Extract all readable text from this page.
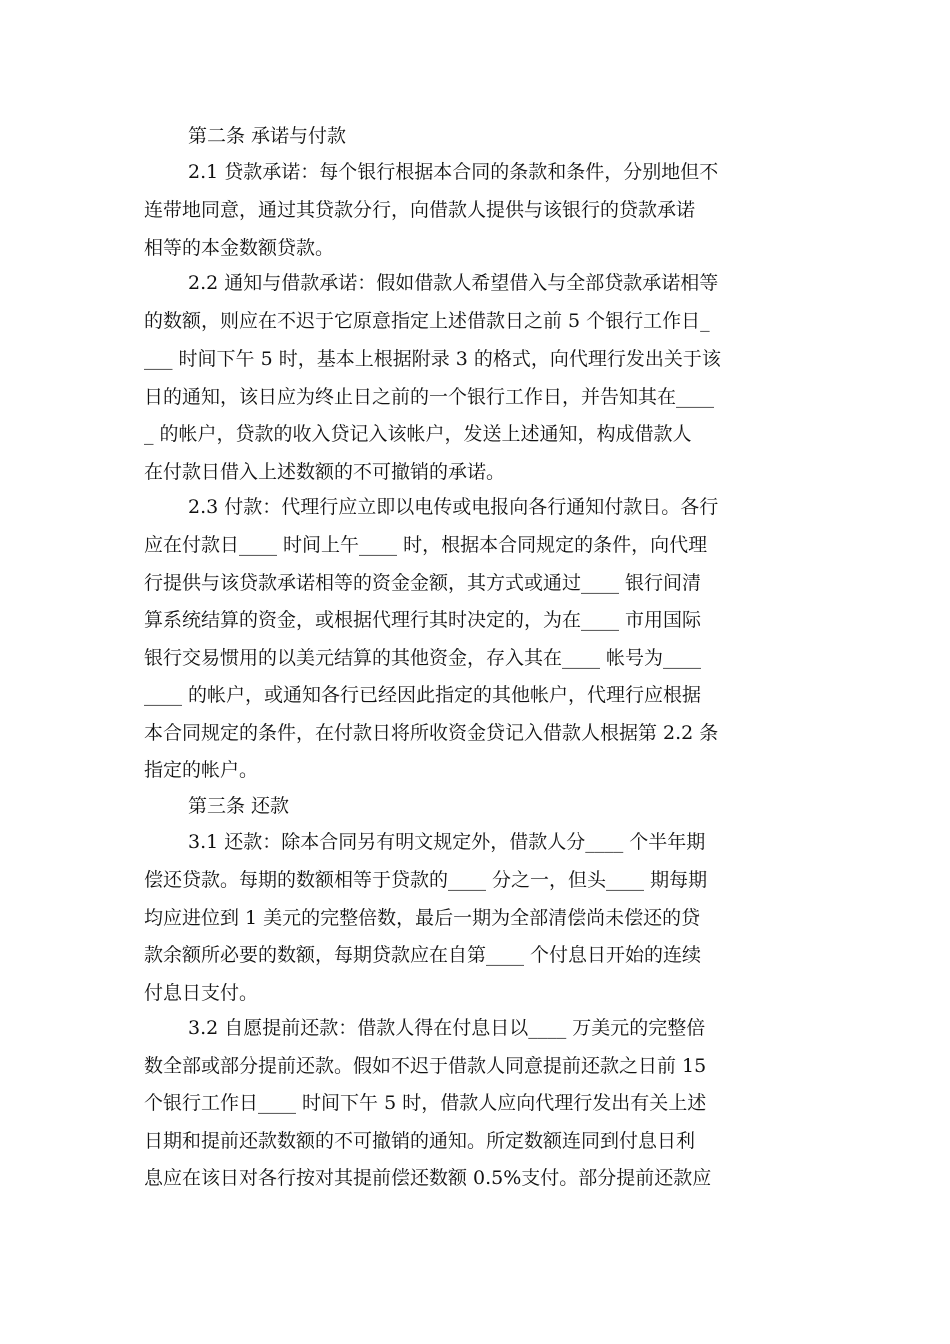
第二条 承诺与付款
2.1 贷款承诺：每个银行根据本合同的条款和条件，分别地但不
连带地同意，通过其贷款分行，向借款人提供与该银行的贷款承诺
相等的本金数额贷款。
2.2 通知与借款承诺：假如借款人希望借入与全部贷款承诺相等
的数额，则应在不迟于它原意指定上述借款日之前 5 个银行工作日_
___ 时间下午 5 时，基本上根据附录 3 的格式，向代理行发出关于该
日的通知，该日应为终止日之前的一个银行工作日，并告知其在____
_ 的帐户，贷款的收入贷记入该帐户，发送上述通知，构成借款人
在付款日借入上述数额的不可撤销的承诺。
2.3 付款：代理行应立即以电传或电报向各行通知付款日。各行
应在付款日____ 时间上午____ 时，根据本合同规定的条件，向代理
行提供与该贷款承诺相等的资金金额，其方式或通过____ 银行间清
算系统结算的资金，或根据代理行其时决定的，为在____ 市用国际
银行交易惯用的以美元结算的其他资金，存入其在____ 帐号为____
____ 的帐户，或通知各行已经因此指定的其他帐户，代理行应根据
本合同规定的条件，在付款日将所收资金贷记入借款人根据第 2.2 条
指定的帐户。
第三条 还款
3.1 还款：除本合同另有明文规定外，借款人分____ 个半年期
偿还贷款。每期的数额相等于贷款的____ 分之一，但头____ 期每期
均应进位到 1 美元的完整倍数，最后一期为全部清偿尚未偿还的贷
款余额所必要的数额，每期贷款应在自第____ 个付息日开始的连续
付息日支付。
3.2 自愿提前还款：借款人得在付息日以____ 万美元的完整倍
数全部或部分提前还款。假如不迟于借款人同意提前还款之日前 15
个银行工作日____ 时间下午 5 时，借款人应向代理行发出有关上述
日期和提前还款数额的不可撤销的通知。所定数额连同到付息日利
息应在该日对各行按对其提前偿还数额 0.5%支付。部分提前还款应
